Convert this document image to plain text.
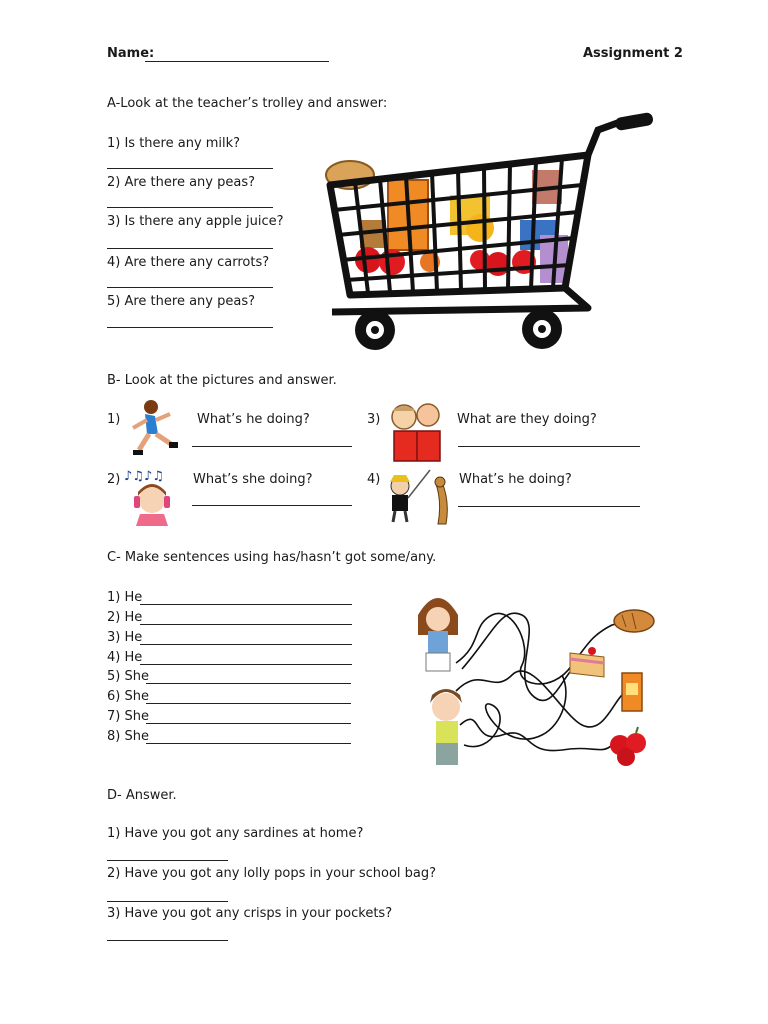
Name:	Assignment 2
A-Look at the teacher’s trolley and answer:
1) Is there any milk?
2) Are there any peas?
3) Is there any apple juice?
4) Are there any carrots?
5) Are there any peas?
B- Look at the pictures and answer.
1)	What’s he doing?	3)	What are they doing?
2) ♪♫♪♫ What’s she doing?	4)	What’s he doing?
C- Make sentences using has/hasn’t got some/any.
1) He
2) He
3) He
4) He
5) She
6) She
7) She
8) She
D- Answer.
1) Have you got any sardines at home?
2) Have you got any lolly pops in your school bag?
3) Have you got any crisps in your pockets?
